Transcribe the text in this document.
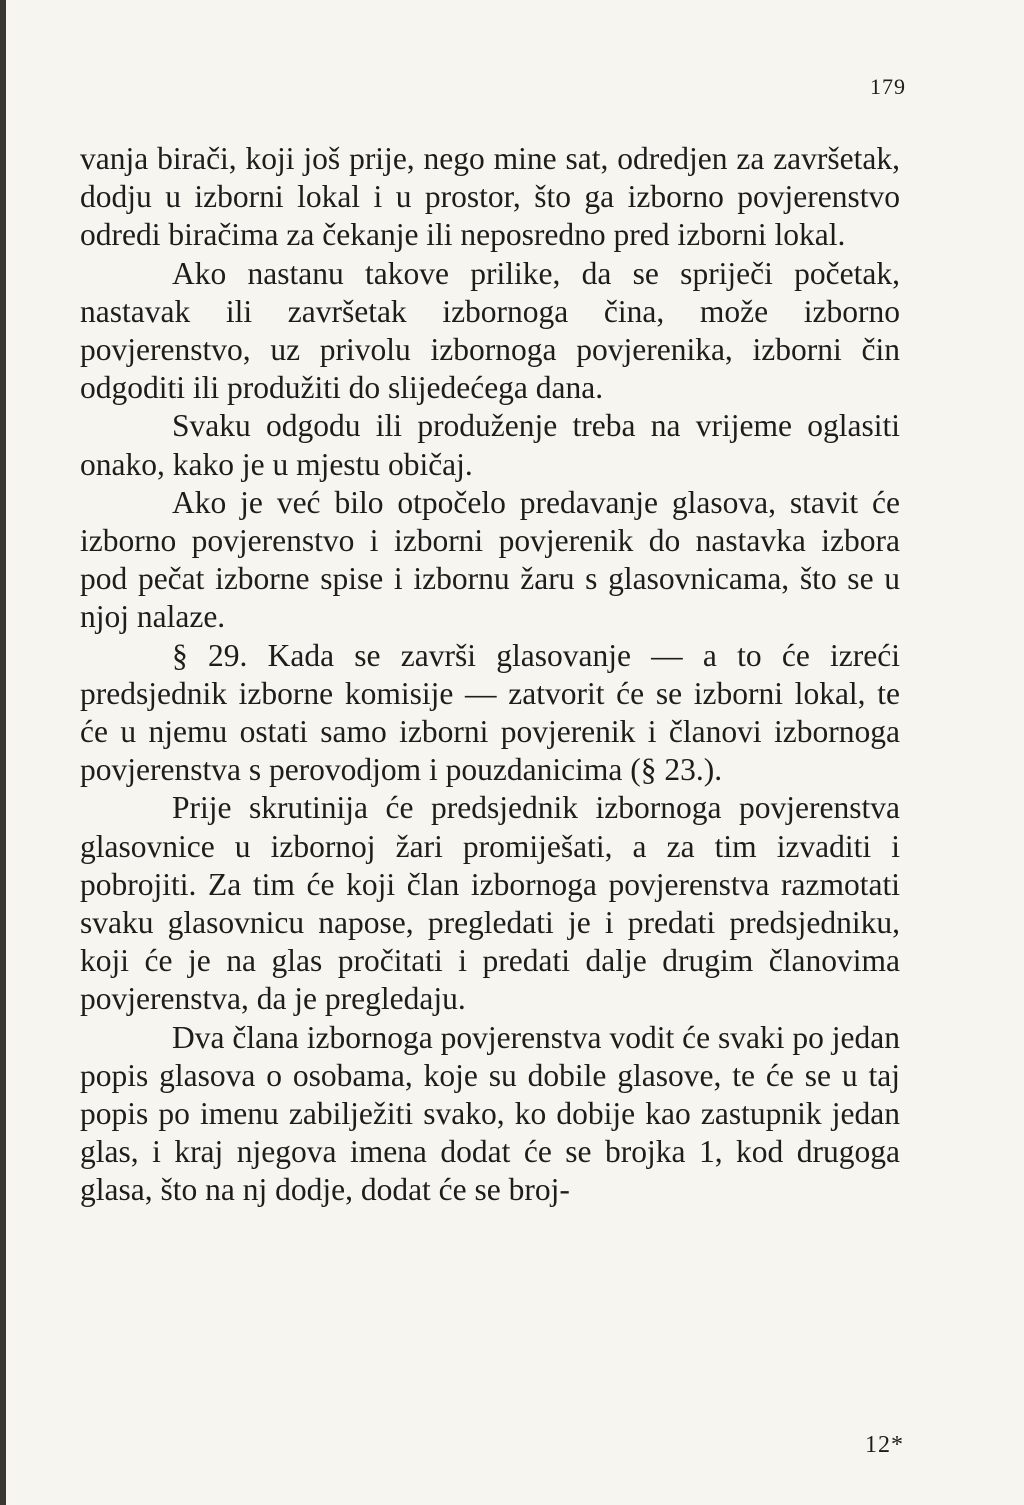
179

vanja birači, koji još prije, nego mine sat, odredjen za završetak, dodju u izborni lokal i u prostor, što ga izborno povjerenstvo odredi biračima za čekanje ili neposredno pred izborni lokal.

Ako nastanu takove prilike, da se spriječi početak, nastavak ili završetak izbornoga čina, može izborno povjerenstvo, uz privolu izbornoga povjerenika, izborni čin odgoditi ili produžiti do slijedećega dana.

Svaku odgodu ili produženje treba na vrijeme oglasiti onako, kako je u mjestu običaj.

Ako je već bilo otpočelo predavanje glasova, stavit će izborno povjerenstvo i izborni povjerenik do nastavka izbora pod pečat izborne spise i izbornu žaru s glasovnicama, što se u njoj nalaze.

§ 29. Kada se završi glasovanje — a to će izreći predsjednik izborne komisije — zatvorit će se izborni lokal, te će u njemu ostati samo izborni povjerenik i članovi izbornoga povjerenstva s perovodjom i pouzdanicima (§ 23.).

Prije skrutinija će predsjednik izbornoga povjerenstva glasovnice u izbornoj žari promiješati, a za tim izvaditi i pobrojiti. Za tim će koji član izbornoga povjerenstva razmotati svaku glasovnicu napose, pregledati je i predati predsjedniku, koji će je na glas pročitati i predati dalje drugim članovima povjerenstva, da je pregledaju.

Dva člana izbornoga povjerenstva vodit će svaki po jedan popis glasova o osobama, koje su dobile glasove, te će se u taj popis po imenu zabilježiti svako, ko dobije kao zastupnik jedan glas, i kraj njegova imena dodat će se brojka 1, kod drugoga glasa, što na nj dodje, dodat će se broj-

12*
